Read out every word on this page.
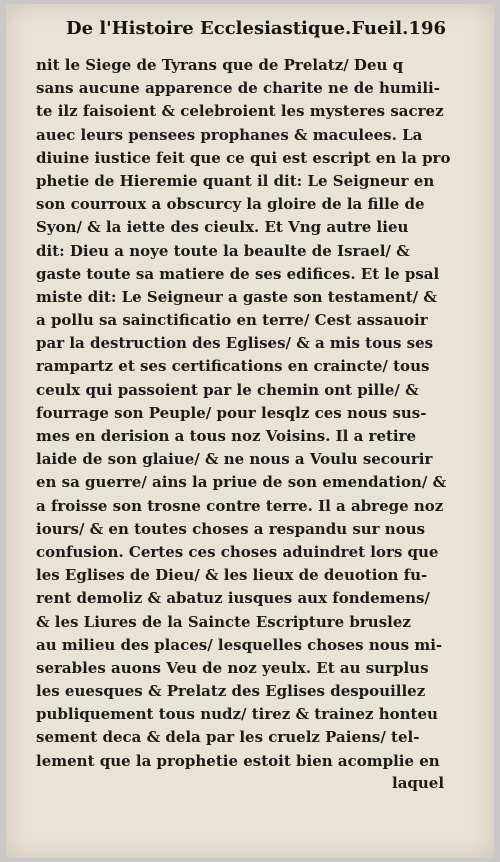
De l'Histoire Ecclesiastique. Fueil.196
nit le Siege de Tyrans que de Prelatz/ Deu q
sans aucune apparence de charite ne de humili-
te ilz faisoient & celebroient les mysteres sacrez
auec leurs pensees prophanes & maculees. La
diuine iustice feit que ce qui est escript en la pro
phetie de Hieremie quant il dit: Le Seigneur en
son courroux a obscurcy la gloire de la fille de
Syon/ & la iette des cieulx. Et Vng autre lieu
dit: Dieu a noye toute la beaulte de Israel/ &
gaste toute sa matiere de ses edifices. Et le psal
miste dit: Le Seigneur a gaste son testament/ &
a pollu sa sainctificatio en terre/ Cest assauoir
par la destruction des Eglises/ & a mis tous ses
rampartz et ses certifications en craincte/ tous
ceulx qui passoient par le chemin ont pille/ &
fourrage son Peuple/ pour lesqlz ces nous sus-
mes en derision a tous noz Voisins. Il a retire
laide de son glaiue/ & ne nous a Voulu secourir
en sa guerre/ ains la priue de son emendation/ &
a froisse son trosne contre terre. Il a abrege noz
iours/ & en toutes choses a respandu sur nous
confusion. Certes ces choses aduindret lors que
les Eglises de Dieu/ & les lieux de deuotion fu-
rent demoliz & abatuz iusques aux fondemens/
& les Liures de la Saincte Escripture bruslez
au milieu des places/ lesquelles choses nous mi-
serables auons Veu de noz yeulx. Et au surplus
les euesques & Prelatz des Eglises despouillez
publiquement tous nudz/ tirez & trainez honteu
sement deca & dela par les cruelz Paiens/ tel-
lement que la prophetie estoit bien acomplie en
laquel
